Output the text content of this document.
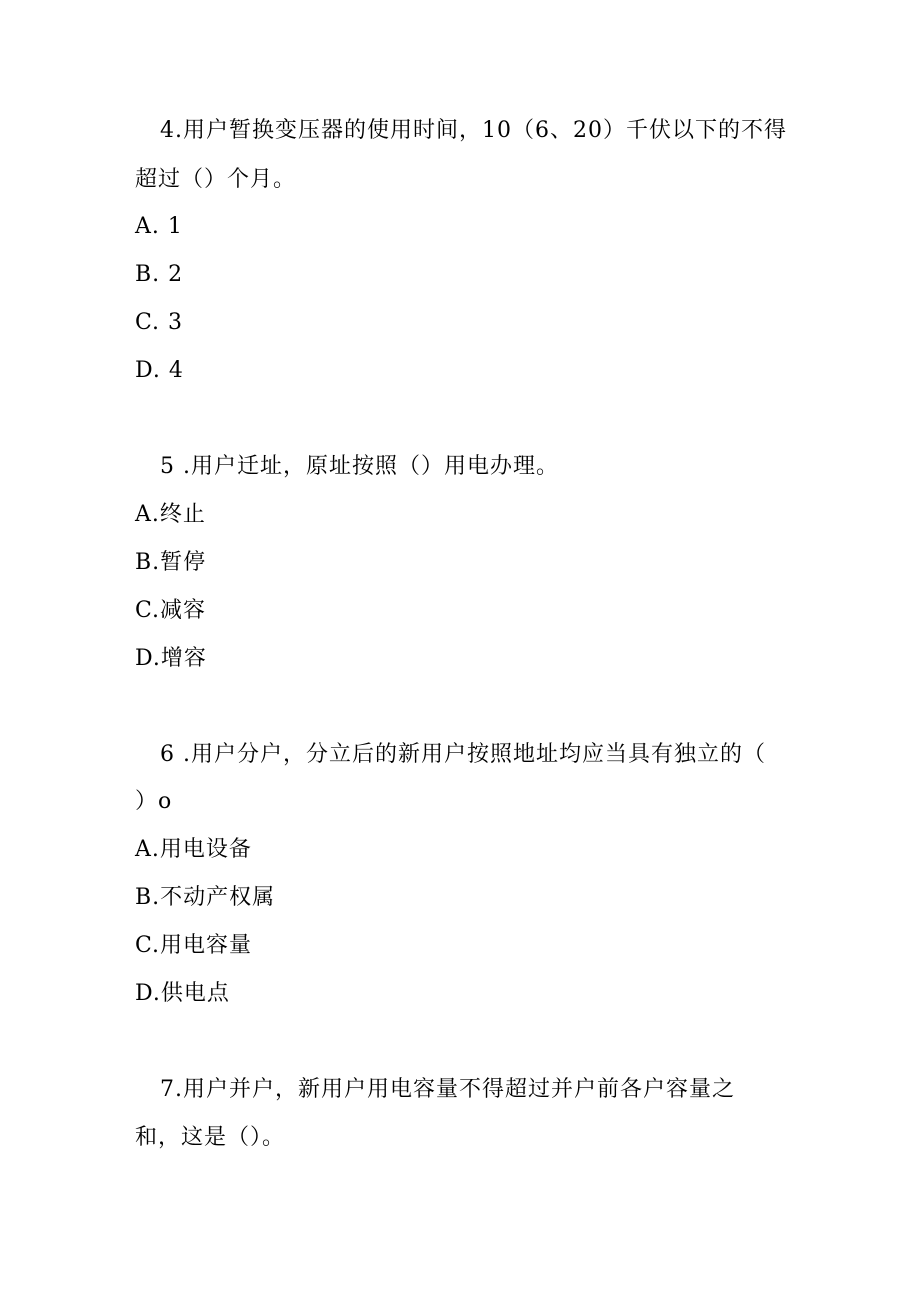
4.用户暂换变压器的使用时间，10（6、20）千伏以下的不得
超过（）个月。
A. 1
B. 2
C. 3
D. 4
5 .用户迁址，原址按照（）用电办理。
A.终止
B.暂停
C.减容
D.增容
6 .用户分户，分立后的新用户按照地址均应当具有独立的（
）o
A.用电设备
B.不动产权属
C.用电容量
D.供电点
7.用户并户，新用户用电容量不得超过并户前各户容量之
和，这是（）。
